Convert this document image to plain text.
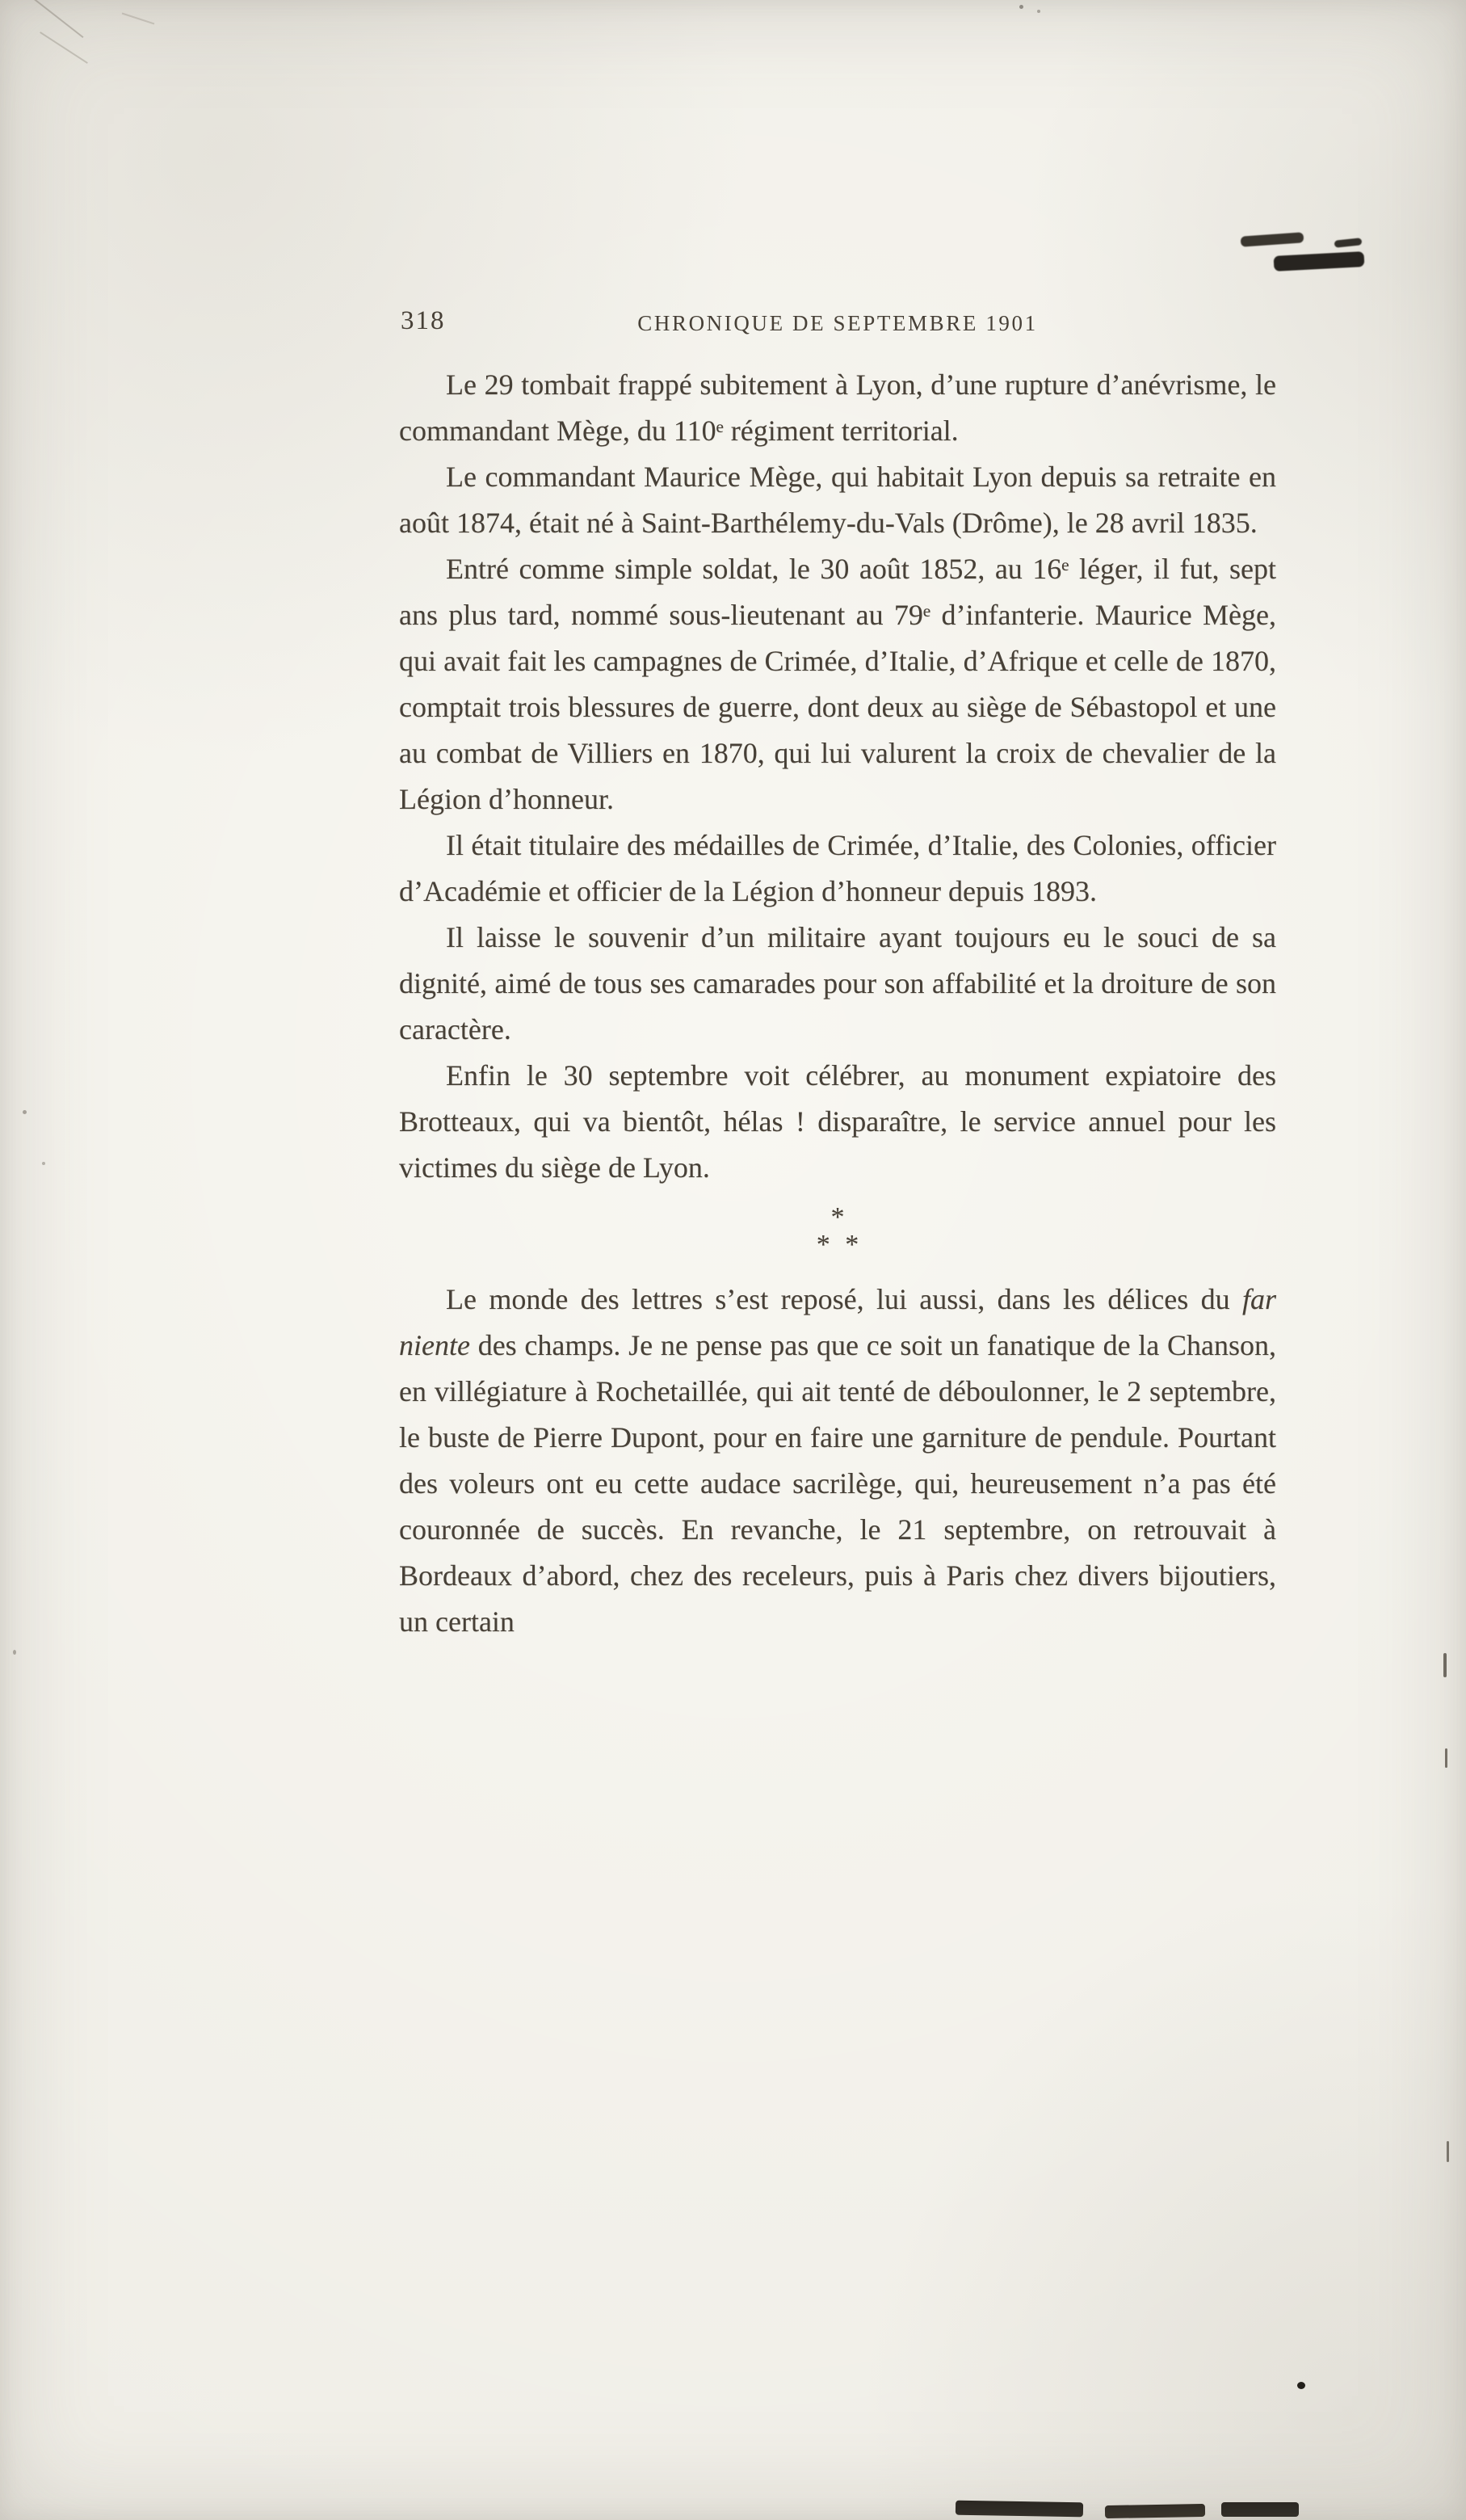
318	CHRONIQUE DE SEPTEMBRE 1901

Le 29 tombait frappé subitement à Lyon, d’une rupture d’anévrisme, le commandant Mège, du 110ᵉ régiment territorial.

Le commandant Maurice Mège, qui habitait Lyon depuis sa retraite en août 1874, était né à Saint-Barthélemy-du-Vals (Drôme), le 28 avril 1835.

Entré comme simple soldat, le 30 août 1852, au 16ᵉ léger, il fut, sept ans plus tard, nommé sous-lieutenant au 79ᵉ d’infanterie. Maurice Mège, qui avait fait les campagnes de Crimée, d’Italie, d’Afrique et celle de 1870, comptait trois blessures de guerre, dont deux au siège de Sébastopol et une au combat de Villiers en 1870, qui lui valurent la croix de chevalier de la Légion d’honneur.

Il était titulaire des médailles de Crimée, d’Italie, des Colonies, officier d’Académie et officier de la Légion d’honneur depuis 1893.

Il laisse le souvenir d’un militaire ayant toujours eu le souci de sa dignité, aimé de tous ses camarades pour son affabilité et la droiture de son caractère.

Enfin le 30 septembre voit célébrer, au monument expiatoire des Brotteaux, qui va bientôt, hélas ! disparaître, le service annuel pour les victimes du siège de Lyon.

*
* *

Le monde des lettres s’est reposé, lui aussi, dans les délices du far niente des champs. Je ne pense pas que ce soit un fanatique de la Chanson, en villégiature à Rochetaillée, qui ait tenté de déboulonner, le 2 septembre, le buste de Pierre Dupont, pour en faire une garniture de pendule. Pourtant des voleurs ont eu cette audace sacrilège, qui, heureusement n’a pas été couronnée de succès. En revanche, le 21 septembre, on retrouvait à Bordeaux d’abord, chez des receleurs, puis à Paris chez divers bijoutiers, un certain
